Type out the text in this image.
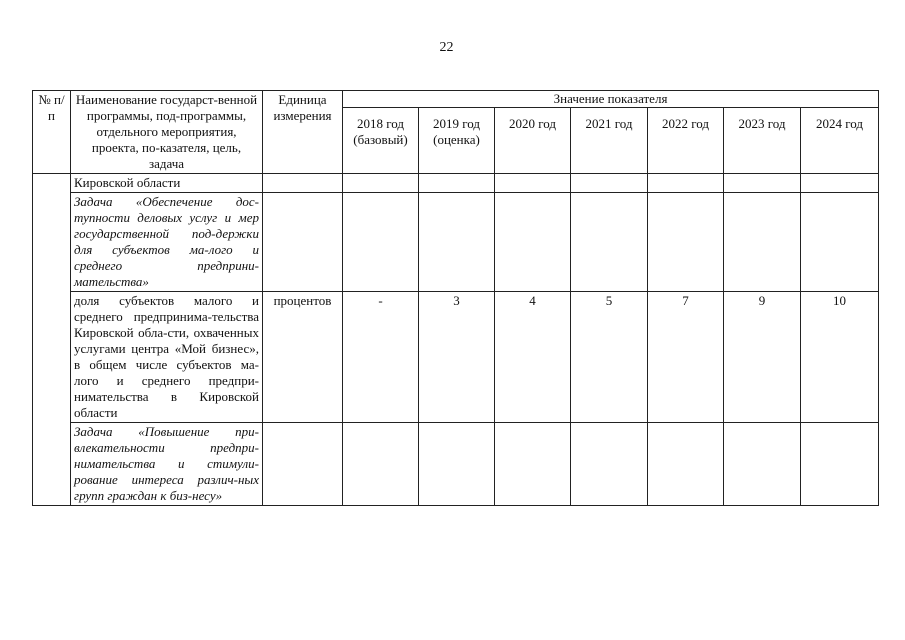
22
№ п/п	Наименование государст-венной программы, под-программы, отдельного мероприятия, проекта, по-казателя, цель, задача	Единица измерения	Значение показателя						
			2018 год (базовый)	2019 год (оценка)	2020 год	2021 год	2022 год	2023 год	2024 год
	Кировской области								
	Задача «Обеспечение дос-тупности деловых услуг и мер государственной под-держки для субъектов ма-лого и среднего предприни-мательства»								
	доля субъектов малого и среднего предпринима-тельства Кировской обла-сти, охваченных услугами центра «Мой бизнес», в общем числе субъектов ма-лого и среднего предпри-нимательства в Кировской области	процентов	-	3	4	5	7	9	10
	Задача «Повышение при-влекательности предпри-нимательства и стимули-рование интереса различ-ных групп граждан к биз-несу»								
